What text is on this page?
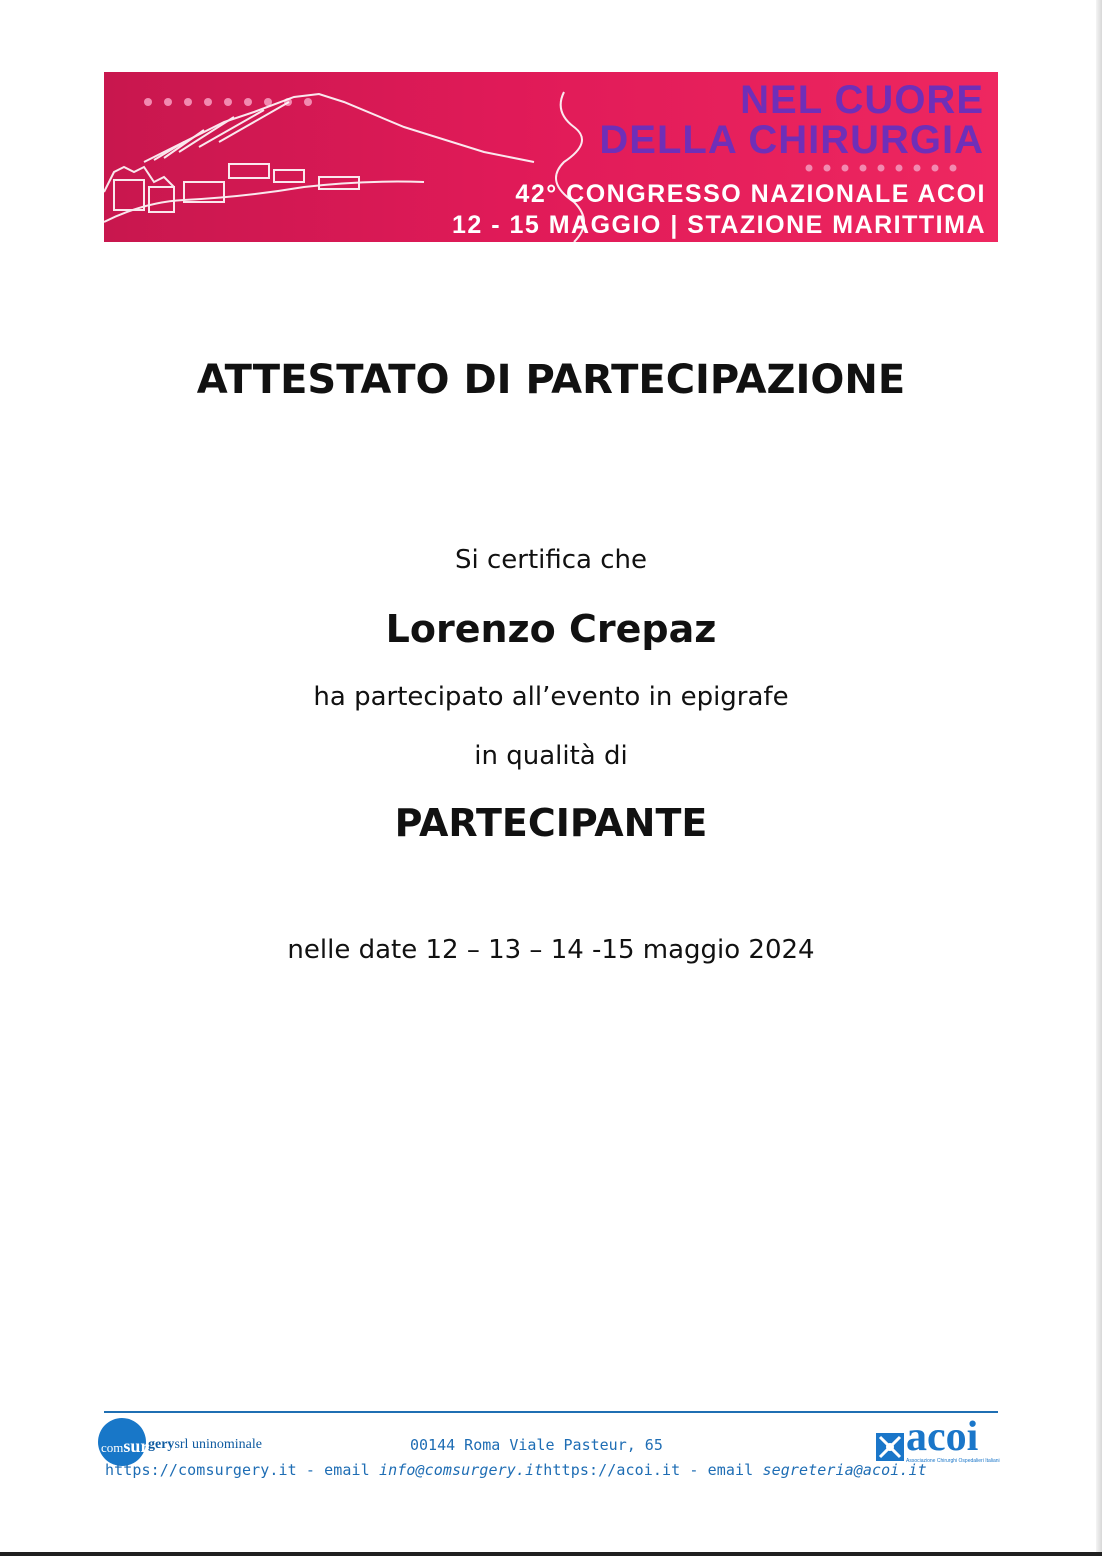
NEL CUORE
DELLA CHIRURGIA
42° CONGRESSO NAZIONALE ACOI
12 - 15 MAGGIO | STAZIONE MARITTIMA
ATTESTATO DI PARTECIPAZIONE
Si certifica che
Lorenzo Crepaz
ha partecipato all’evento in epigrafe
in qualità di
PARTECIPANTE
nelle date 12 – 13 – 14 -15 maggio 2024
comsur gerysrl uninominale	00144 Roma Viale Pasteur, 65
https://comsurgery.it - email info@comsurgery.ithttps://acoi.it - email segreteria@acoi.it
acoi
Associazione Chirurghi Ospedalieri Italiani
